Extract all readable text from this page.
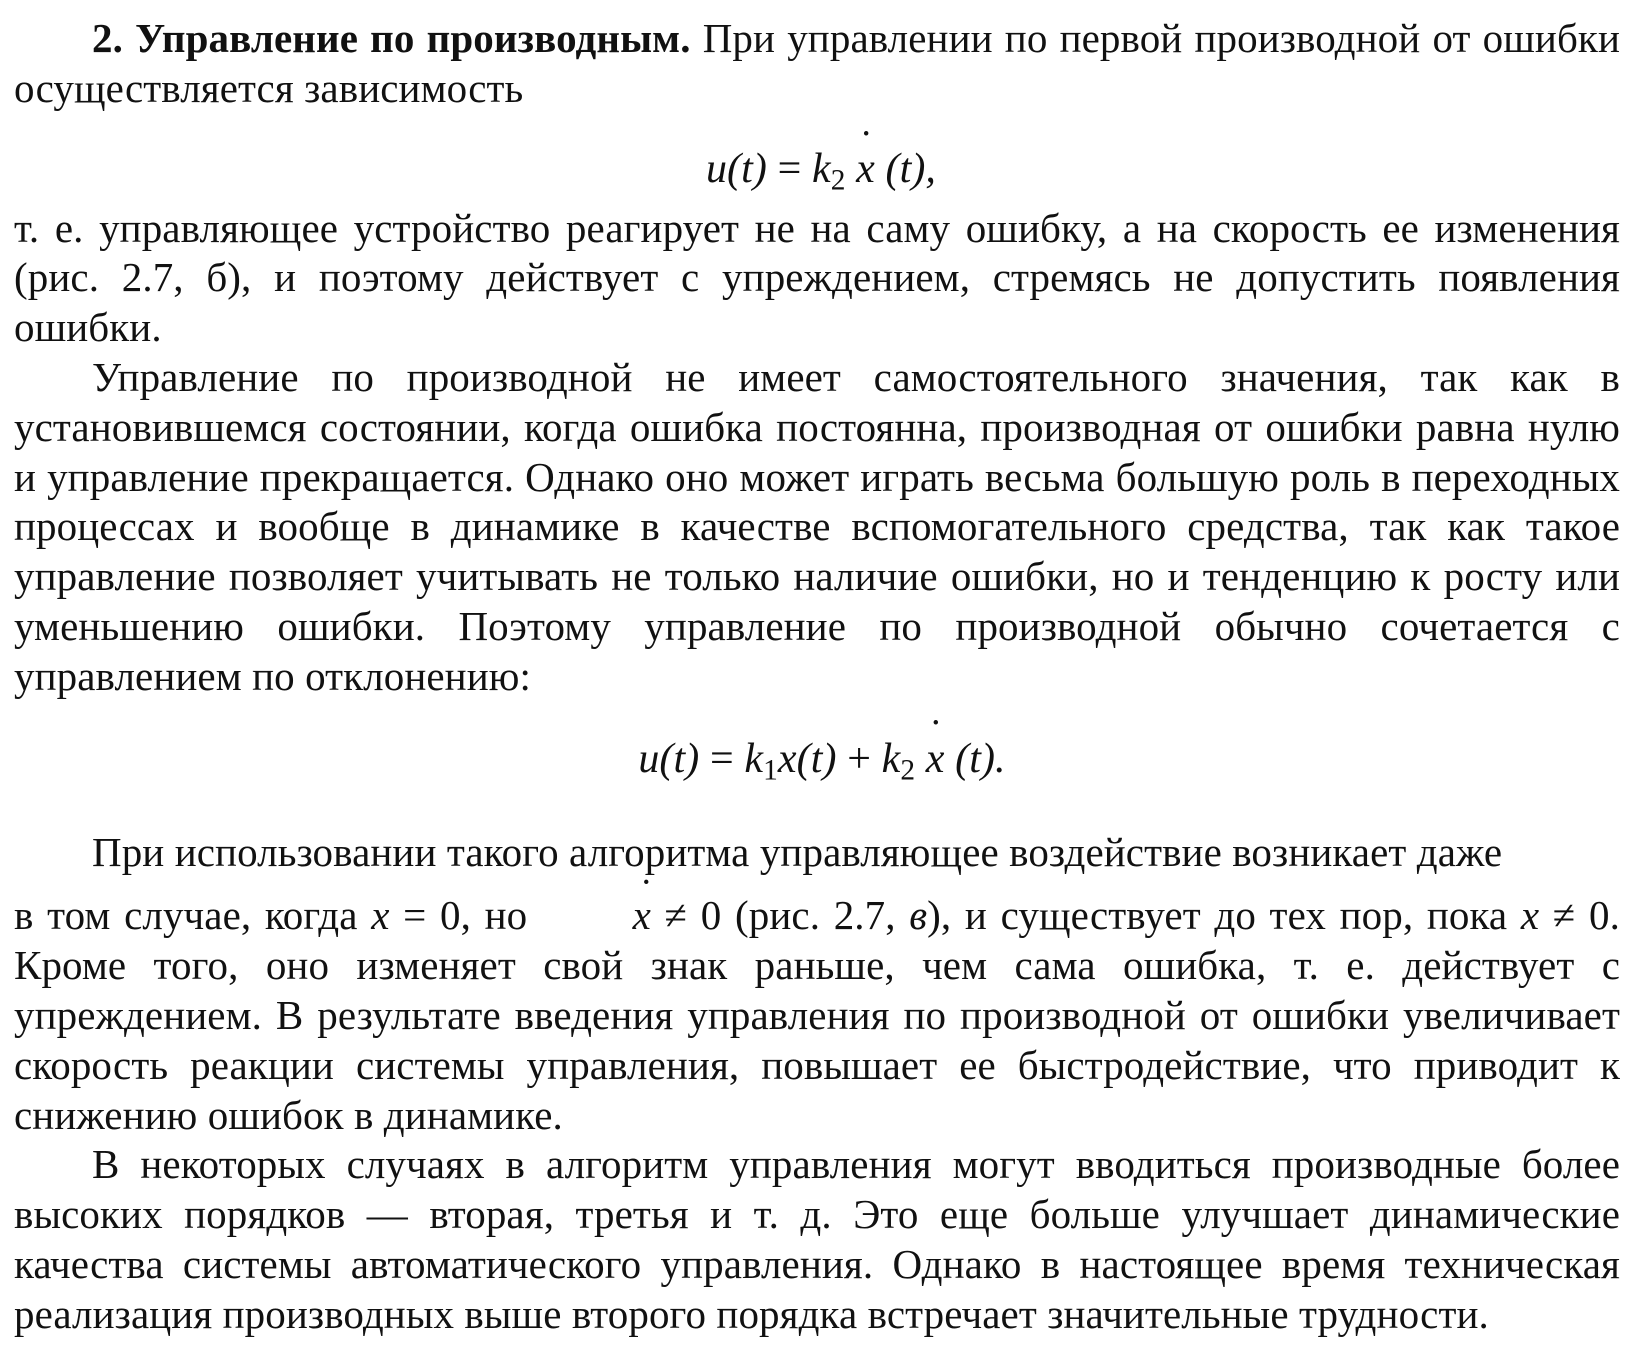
2. Управление по производным. При управлении по первой производной от ошибки осуществляется зависимость

$u(t) = k_2$ ˙ x (t),

т. е. управляющее устройство реагирует не на саму ошибку, а на скорость ее изменения (рис. 2.7, б), и поэтому действует с упреждением, стремясь не допустить появления ошибки.

Управление по производной не имеет самостоятельного значения, так как в установившемся состоянии, когда ошибка постоянна, производная от ошибки равна нулю и управление прекращается. Однако оно может играть весьма большую роль в переходных процессах и вообще в динамике в качестве вспомогательного средства, так как такое управление позволяет учитывать не только наличие ошибки, но и тенденцию к росту или уменьшению ошибки. Поэтому управление по производной обычно сочетается с управлением по отклонению:

$u(t) = k_1x(t) + k_2$ ˙ x (t).

При использовании такого алгоритма управляющее воздействие возникает даже
в том случае, когда x = 0, но  ˙ x ≠ 0 (рис. 2.7, в), и существует до тех пор, пока x ≠ 0. Кроме того, оно изменяет свой знак раньше, чем сама ошибка, т. е. действует с упреждением. В результате введения управления по производной от ошибки увеличивает скорость реакции системы управления, повышает ее быстродействие, что приводит к снижению ошибок в динамике.

В некоторых случаях в алгоритм управления могут вводиться производные более высоких порядков — вторая, третья и т. д. Это еще больше улучшает динамические качества системы автоматического управления. Однако в настоящее время техническая реализация производных выше второго порядка встречает значительные трудности.
